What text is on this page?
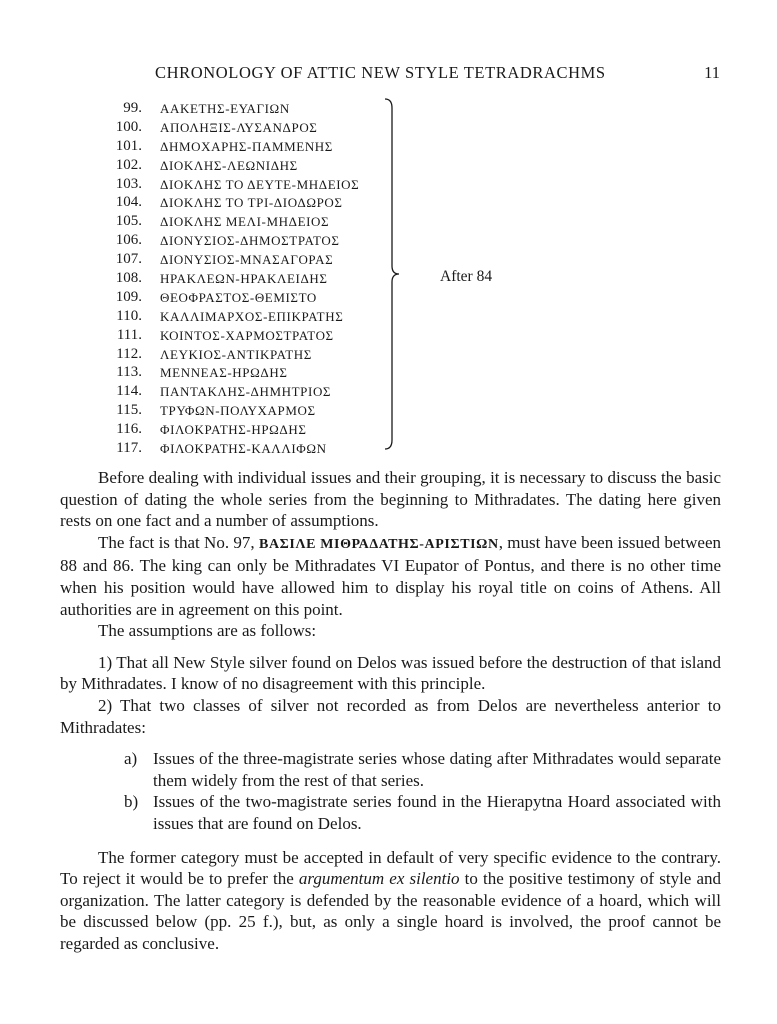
CHRONOLOGY OF ATTIC NEW STYLE TETRADRACHMS	11
99. ΑΑΚΕΤΗΣ-ΕΥΑΓΙΩΝ
100. ΑΠΟΛΗΞΙΣ-ΛΥΣΑΝΔΡΟΣ
101. ΔΗΜΟΧΑΡΗΣ-ΠΑΜΜΕΝΗΣ
102. ΔΙΟΚΛΗΣ-ΛΕΩΝΙΔΗΣ
103. ΔΙΟΚΛΗΣ ΤΟ ΔΕΥΤΕ-ΜΗΔΕΙΟΣ
104. ΔΙΟΚΛΗΣ ΤΟ ΤΡΙ-ΔΙΟΔΩΡΟΣ
105. ΔΙΟΚΛΗΣ ΜΕΛΙ-ΜΗΔΕΙΟΣ
106. ΔΙΟΝΥΣΙΟΣ-ΔΗΜΟΣΤΡΑΤΟΣ
107. ΔΙΟΝΥΣΙΟΣ-ΜΝΑΣΑΓΟΡΑΣ
108. ΗΡΑΚΛΕΩΝ-ΗΡΑΚΛΕΙΔΗΣ
109. ΘΕΟΦΡΑΣΤΟΣ-ΘΕΜΙΣΤΟ
110. ΚΑΛΛΙΜΑΡΧΟΣ-ΕΠΙΚΡΑΤΗΣ
111. ΚΟΙΝΤΟΣ-ΧΑΡΜΟΣΤΡΑΤΟΣ
112. ΛΕΥΚΙΟΣ-ΑΝΤΙΚΡΑΤΗΣ
113. ΜΕΝΝΕΑΣ-ΗΡΩΔΗΣ
114. ΠΑΝΤΑΚΛΗΣ-ΔΗΜΗΤΡΙΟΣ
115. ΤΡΥΦΩΝ-ΠΟΛΥΧΑΡΜΟΣ
116. ΦΙΛΟΚΡΑΤΗΣ-ΗΡΩΔΗΣ
117. ΦΙΛΟΚΡΑΤΗΣ-ΚΑΛΛΙΦΩΝ
After 84

Before dealing with individual issues and their grouping, it is necessary to discuss the basic question of dating the whole series from the beginning to Mithradates. The dating here given rests on one fact and a number of assumptions.

The fact is that No. 97, ΒΑΣΙΛΕ ΜΙΘΡΑΔΑΤΗΣ-ΑΡΙΣΤΙΩΝ, must have been issued between 88 and 86. The king can only be Mithradates VI Eupator of Pontus, and there is no other time when his position would have allowed him to display his royal title on coins of Athens. All authorities are in agreement on this point.

The assumptions are as follows:

1) That all New Style silver found on Delos was issued before the destruction of that island by Mithradates. I know of no disagreement with this principle.

2) That two classes of silver not recorded as from Delos are nevertheless anterior to Mithradates:

a) Issues of the three-magistrate series whose dating after Mithradates would separate them widely from the rest of that series.

b) Issues of the two-magistrate series found in the Hierapytna Hoard associated with issues that are found on Delos.

The former category must be accepted in default of very specific evidence to the contrary. To reject it would be to prefer the argumentum ex silentio to the positive testimony of style and organization. The latter category is defended by the reasonable evidence of a hoard, which will be discussed below (pp. 25 f.), but, as only a single hoard is involved, the proof cannot be regarded as conclusive.
